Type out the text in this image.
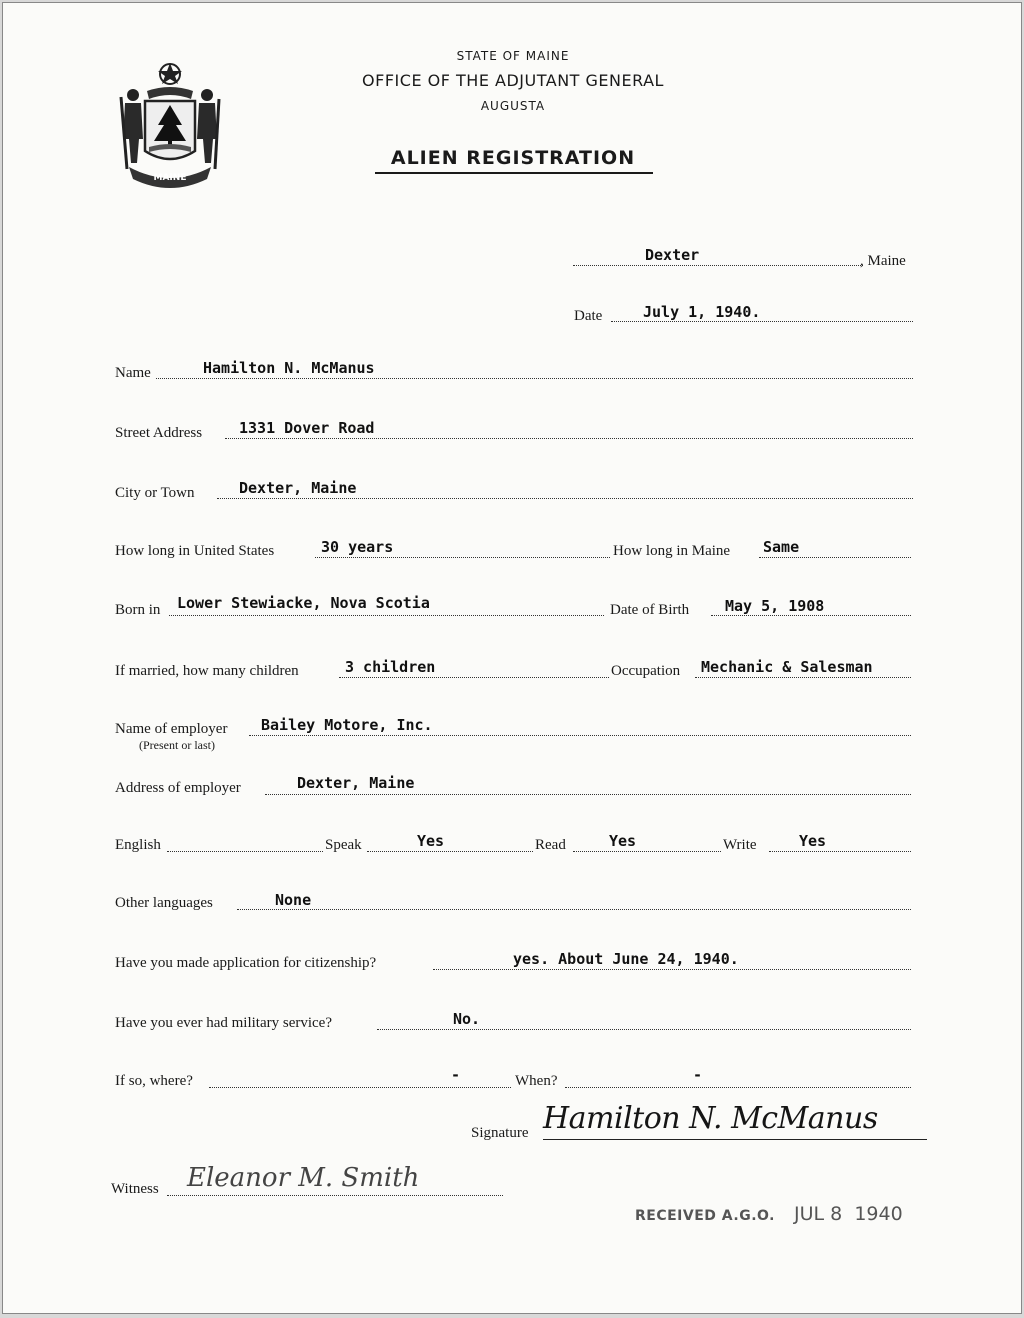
MAINE
STATE OF MAINE
OFFICE OF THE ADJUTANT GENERAL
AUGUSTA
ALIEN REGISTRATION
Dexter	, Maine
Date	July 1, 1940.
Name	Hamilton N. McManus
Street Address 1331 Dover Road
City or Town	Dexter, Maine
How long in United States	30 years	How long in Maine Same
Born in Lower Stewiacke, Nova Scotia	Date of Birth May 5, 1908
If married, how many children	3 children	Occupation Mechanic & Salesman
Name of employer
(Present or last)
Bailey Motore, Inc.
Address of employer	Dexter, Maine
English	Speak	Yes	Read	Yes	Write	Yes
Other languages	None
Have you made application for citizenship?	yes. About June 24, 1940.
Have you ever had military service?	No.
If so, where?	-	When?	-
Signature Hamilton N. McManus
Witness Eleanor M. Smith
RECEIVED A.G.O. JUL 8  1940
